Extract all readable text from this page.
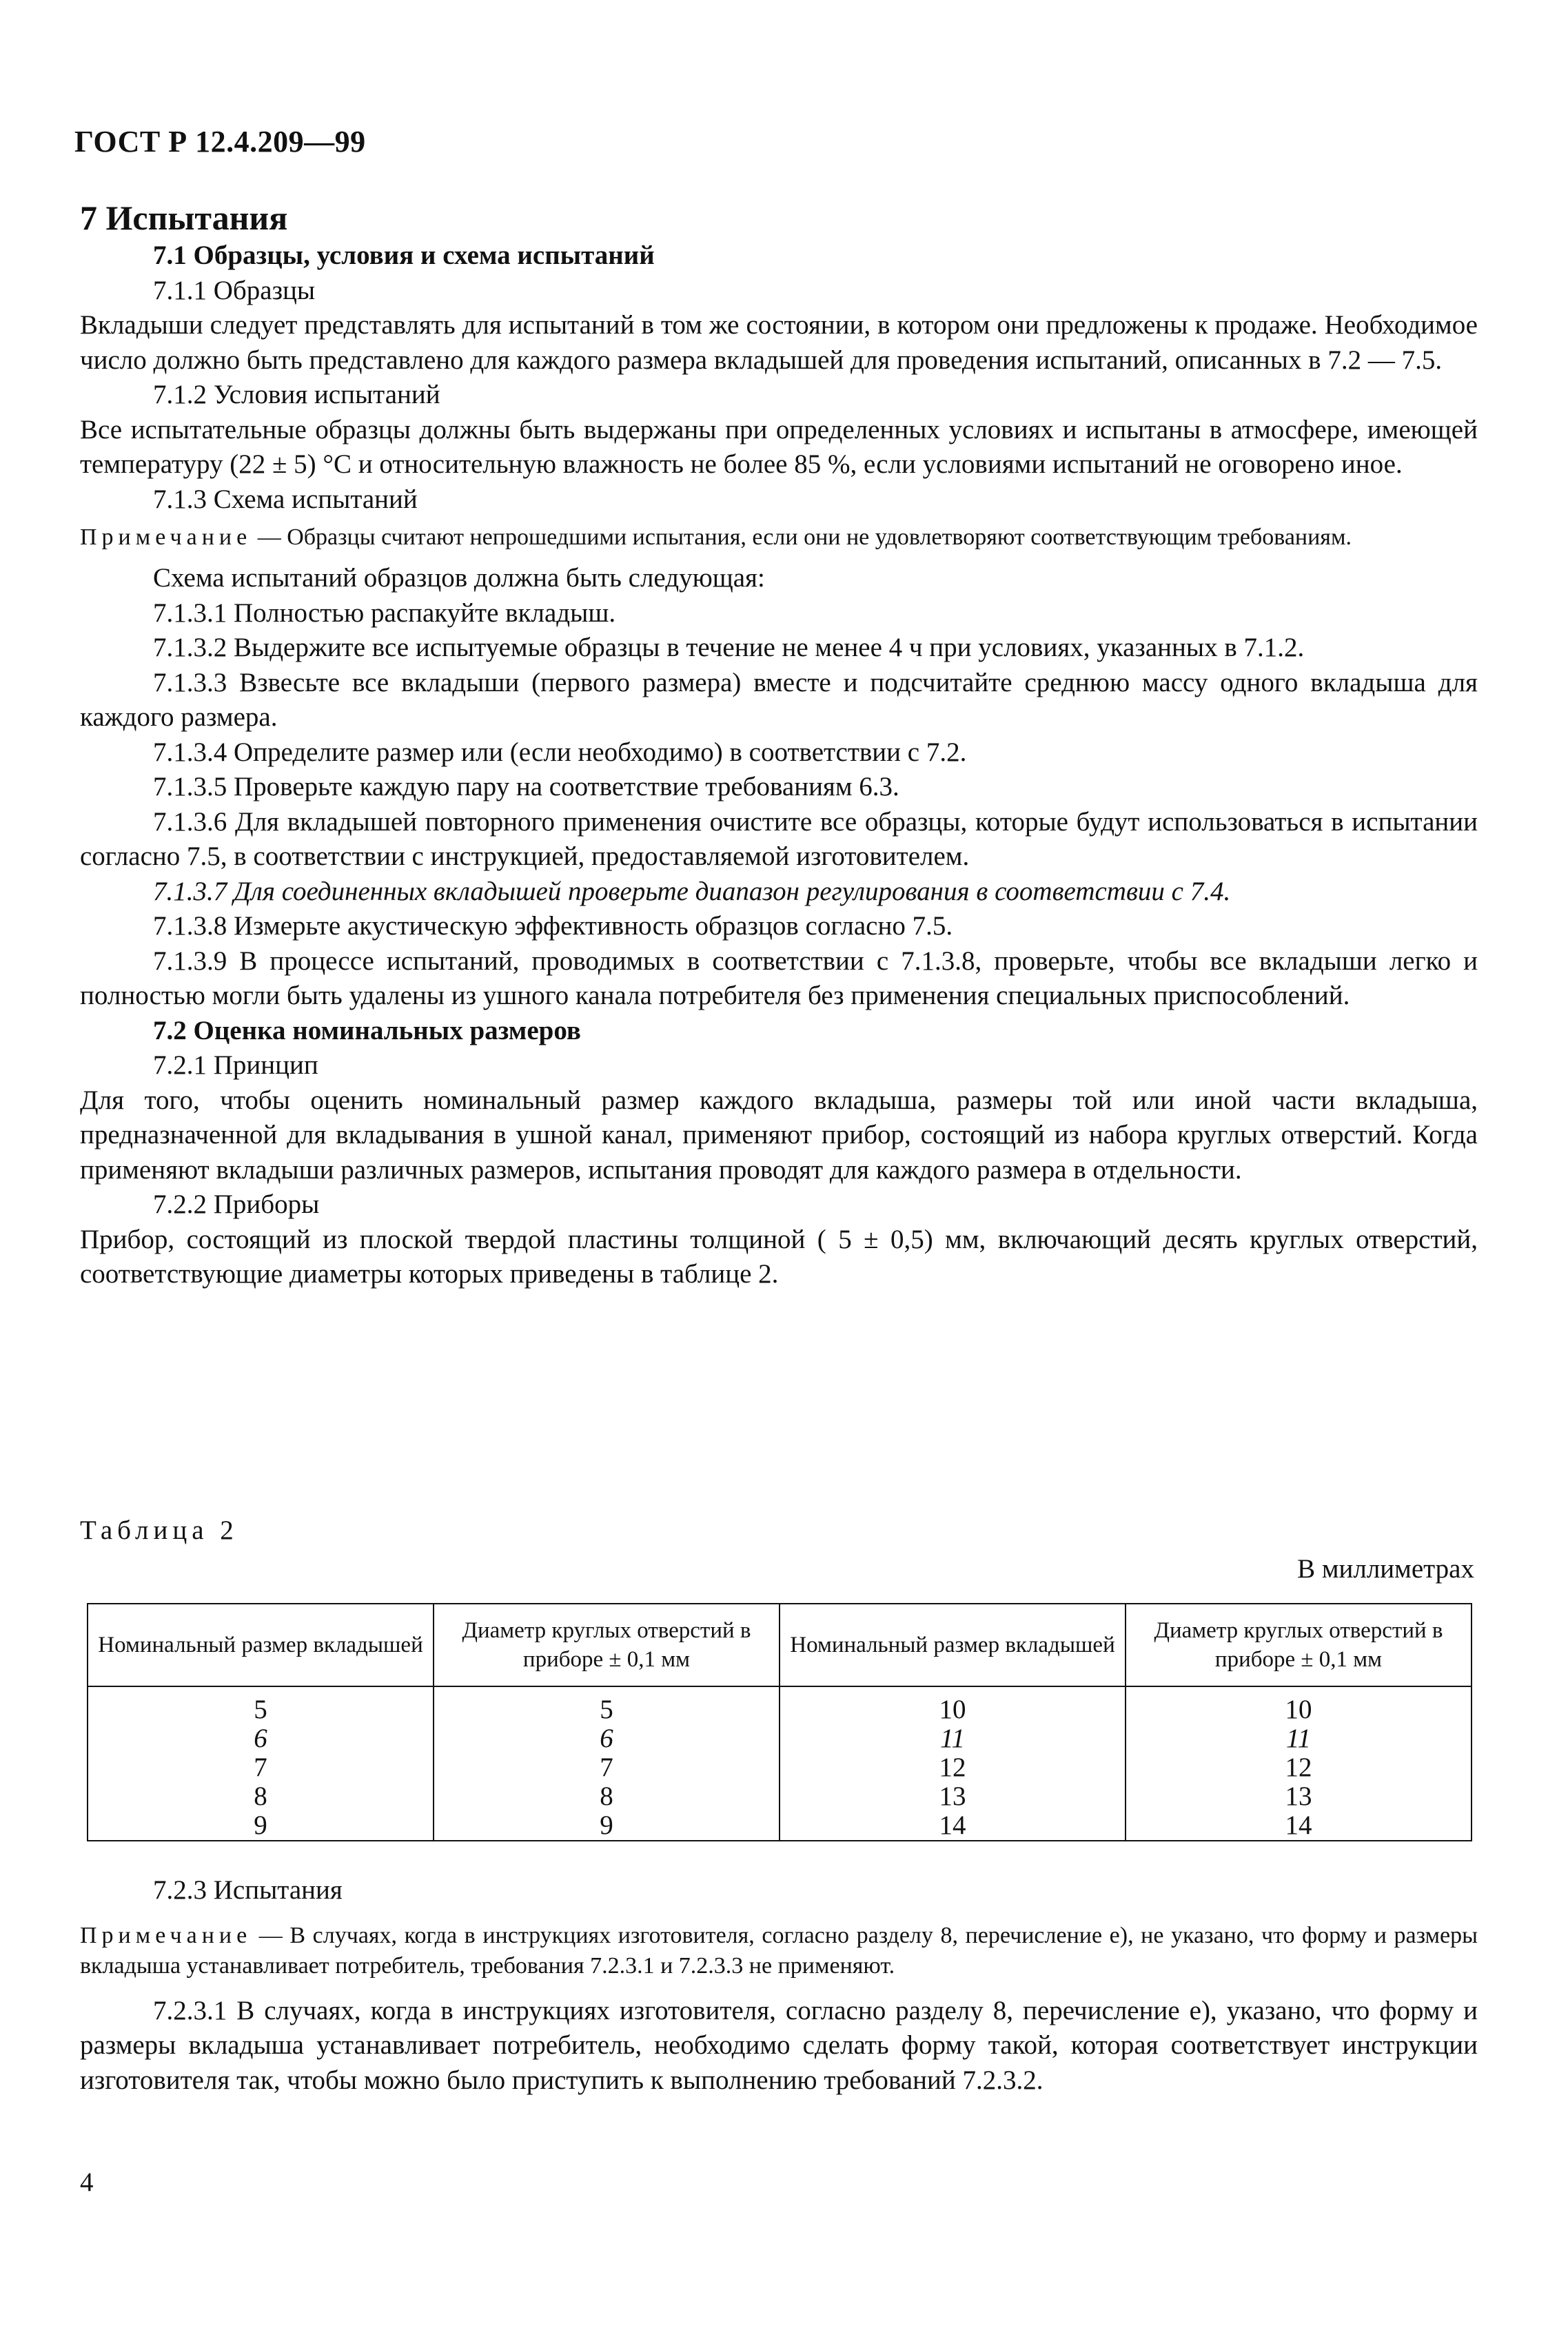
ГОСТ Р 12.4.209—99

7 Испытания

7.1 Образцы, условия и схема испытаний

7.1.1 Образцы

Вкладыши следует представлять для испытаний в том же состоянии, в котором они предложены к продаже. Необходимое число должно быть представлено для каждого размера вкладышей для проведения испытаний, описанных в 7.2 — 7.5.

7.1.2 Условия испытаний

Все испытательные образцы должны быть выдержаны при определенных условиях и испытаны в атмосфере, имеющей температуру (22 ± 5) °С и относительную влажность не более 85 %, если условиями испытаний не оговорено иное.

7.1.3 Схема испытаний

Примечание — Образцы считают непрошедшими испытания, если они не удовлетворяют соответствующим требованиям.

Схема испытаний образцов должна быть следующая:

7.1.3.1 Полностью распакуйте вкладыш.

7.1.3.2 Выдержите все испытуемые образцы в течение не менее 4 ч при условиях, указанных в 7.1.2.

7.1.3.3 Взвесьте все вкладыши (первого размера) вместе и подсчитайте среднюю массу одного вкладыша для каждого размера.

7.1.3.4 Определите размер или (если необходимо) в соответствии с 7.2.

7.1.3.5 Проверьте каждую пару на соответствие требованиям 6.3.

7.1.3.6 Для вкладышей повторного применения очистите все образцы, которые будут использоваться в испытании согласно 7.5, в соответствии с инструкцией, предоставляемой изготовителем.

7.1.3.7 Для соединенных вкладышей проверьте диапазон регулирования в соответствии с 7.4.

7.1.3.8 Измерьте акустическую эффективность образцов согласно 7.5.

7.1.3.9 В процессе испытаний, проводимых в соответствии с 7.1.3.8, проверьте, чтобы все вкладыши легко и полностью могли быть удалены из ушного канала потребителя без применения специальных приспособлений.

7.2 Оценка номинальных размеров

7.2.1 Принцип

Для того, чтобы оценить номинальный размер каждого вкладыша, размеры той или иной части вкладыша, предназначенной для вкладывания в ушной канал, применяют прибор, состоящий из набора круглых отверстий. Когда применяют вкладыши различных размеров, испытания проводят для каждого размера в отдельности.

7.2.2 Приборы

Прибор, состоящий из плоской твердой пластины толщиной ( 5 ± 0,5) мм, включающий десять круглых отверстий, соответствующие диаметры которых приведены в таблице 2.

Таблица 2
В миллиметрах
Номинальный размер вкладышей	Диаметр круглых отверстий в приборе ± 0,1 мм	Номинальный размер вкладышей	Диаметр круглых отверстий в приборе ± 0,1 мм
5	5	10	10
6	6	11	11
7	7	12	12
8	8	13	13
9	9	14	14

7.2.3 Испытания

Примечание — В случаях, когда в инструкциях изготовителя, согласно разделу 8, перечисление е), не указано, что форму и размеры вкладыша устанавливает потребитель, требования 7.2.3.1 и 7.2.3.3 не применяют.

7.2.3.1 В случаях, когда в инструкциях изготовителя, согласно разделу 8, перечисление е), указано, что форму и размеры вкладыша устанавливает потребитель, необходимо сделать форму такой, которая соответствует инструкции изготовителя так, чтобы можно было приступить к выполнению требований 7.2.3.2.

4
